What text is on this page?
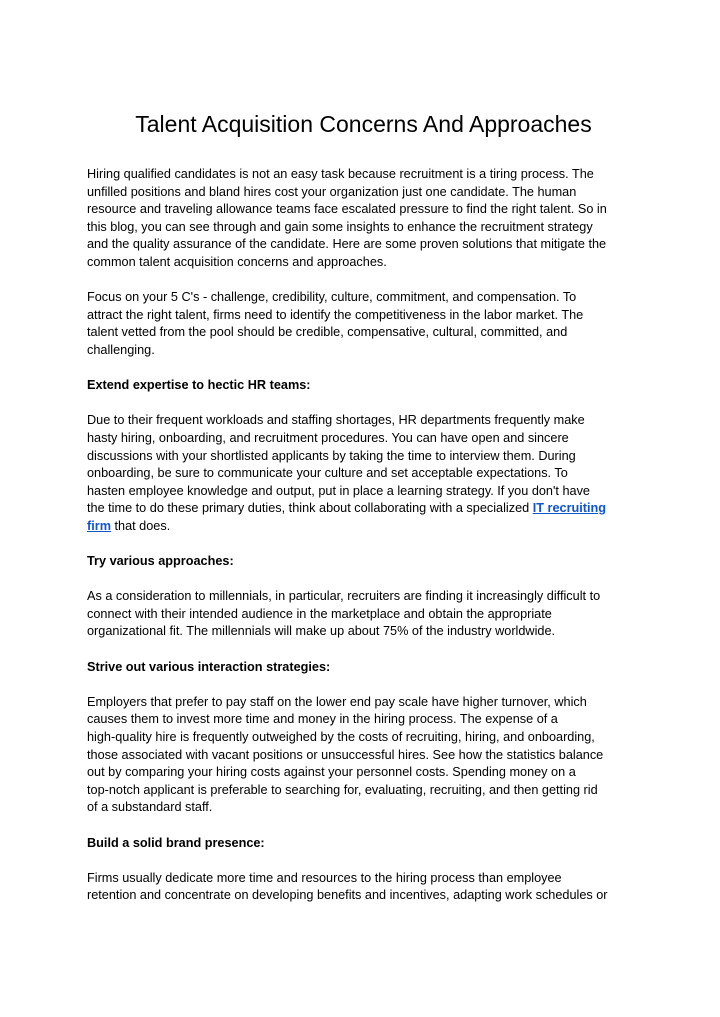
Talent Acquisition Concerns And Approaches

Hiring qualified candidates is not an easy task because recruitment is a tiring process. The
unfilled positions and bland hires cost your organization just one candidate. The human
resource and traveling allowance teams face escalated pressure to find the right talent. So in
this blog, you can see through and gain some insights to enhance the recruitment strategy
and the quality assurance of the candidate. Here are some proven solutions that mitigate the
common talent acquisition concerns and approaches.

Focus on your 5 C's - challenge, credibility, culture, commitment, and compensation. To
attract the right talent, firms need to identify the competitiveness in the labor market. The
talent vetted from the pool should be credible, compensative, cultural, committed, and
challenging.

Extend expertise to hectic HR teams:

Due to their frequent workloads and staffing shortages, HR departments frequently make
hasty hiring, onboarding, and recruitment procedures. You can have open and sincere
discussions with your shortlisted applicants by taking the time to interview them. During
onboarding, be sure to communicate your culture and set acceptable expectations. To
hasten employee knowledge and output, put in place a learning strategy. If you don't have
the time to do these primary duties, think about collaborating with a specialized IT recruiting
firm that does.

Try various approaches:

As a consideration to millennials, in particular, recruiters are finding it increasingly difficult to
connect with their intended audience in the marketplace and obtain the appropriate
organizational fit. The millennials will make up about 75% of the industry worldwide.

Strive out various interaction strategies:

Employers that prefer to pay staff on the lower end pay scale have higher turnover, which
causes them to invest more time and money in the hiring process. The expense of a
high-quality hire is frequently outweighed by the costs of recruiting, hiring, and onboarding,
those associated with vacant positions or unsuccessful hires. See how the statistics balance
out by comparing your hiring costs against your personnel costs. Spending money on a
top-notch applicant is preferable to searching for, evaluating, recruiting, and then getting rid
of a substandard staff.

Build a solid brand presence:

Firms usually dedicate more time and resources to the hiring process than employee
retention and concentrate on developing benefits and incentives, adapting work schedules or
